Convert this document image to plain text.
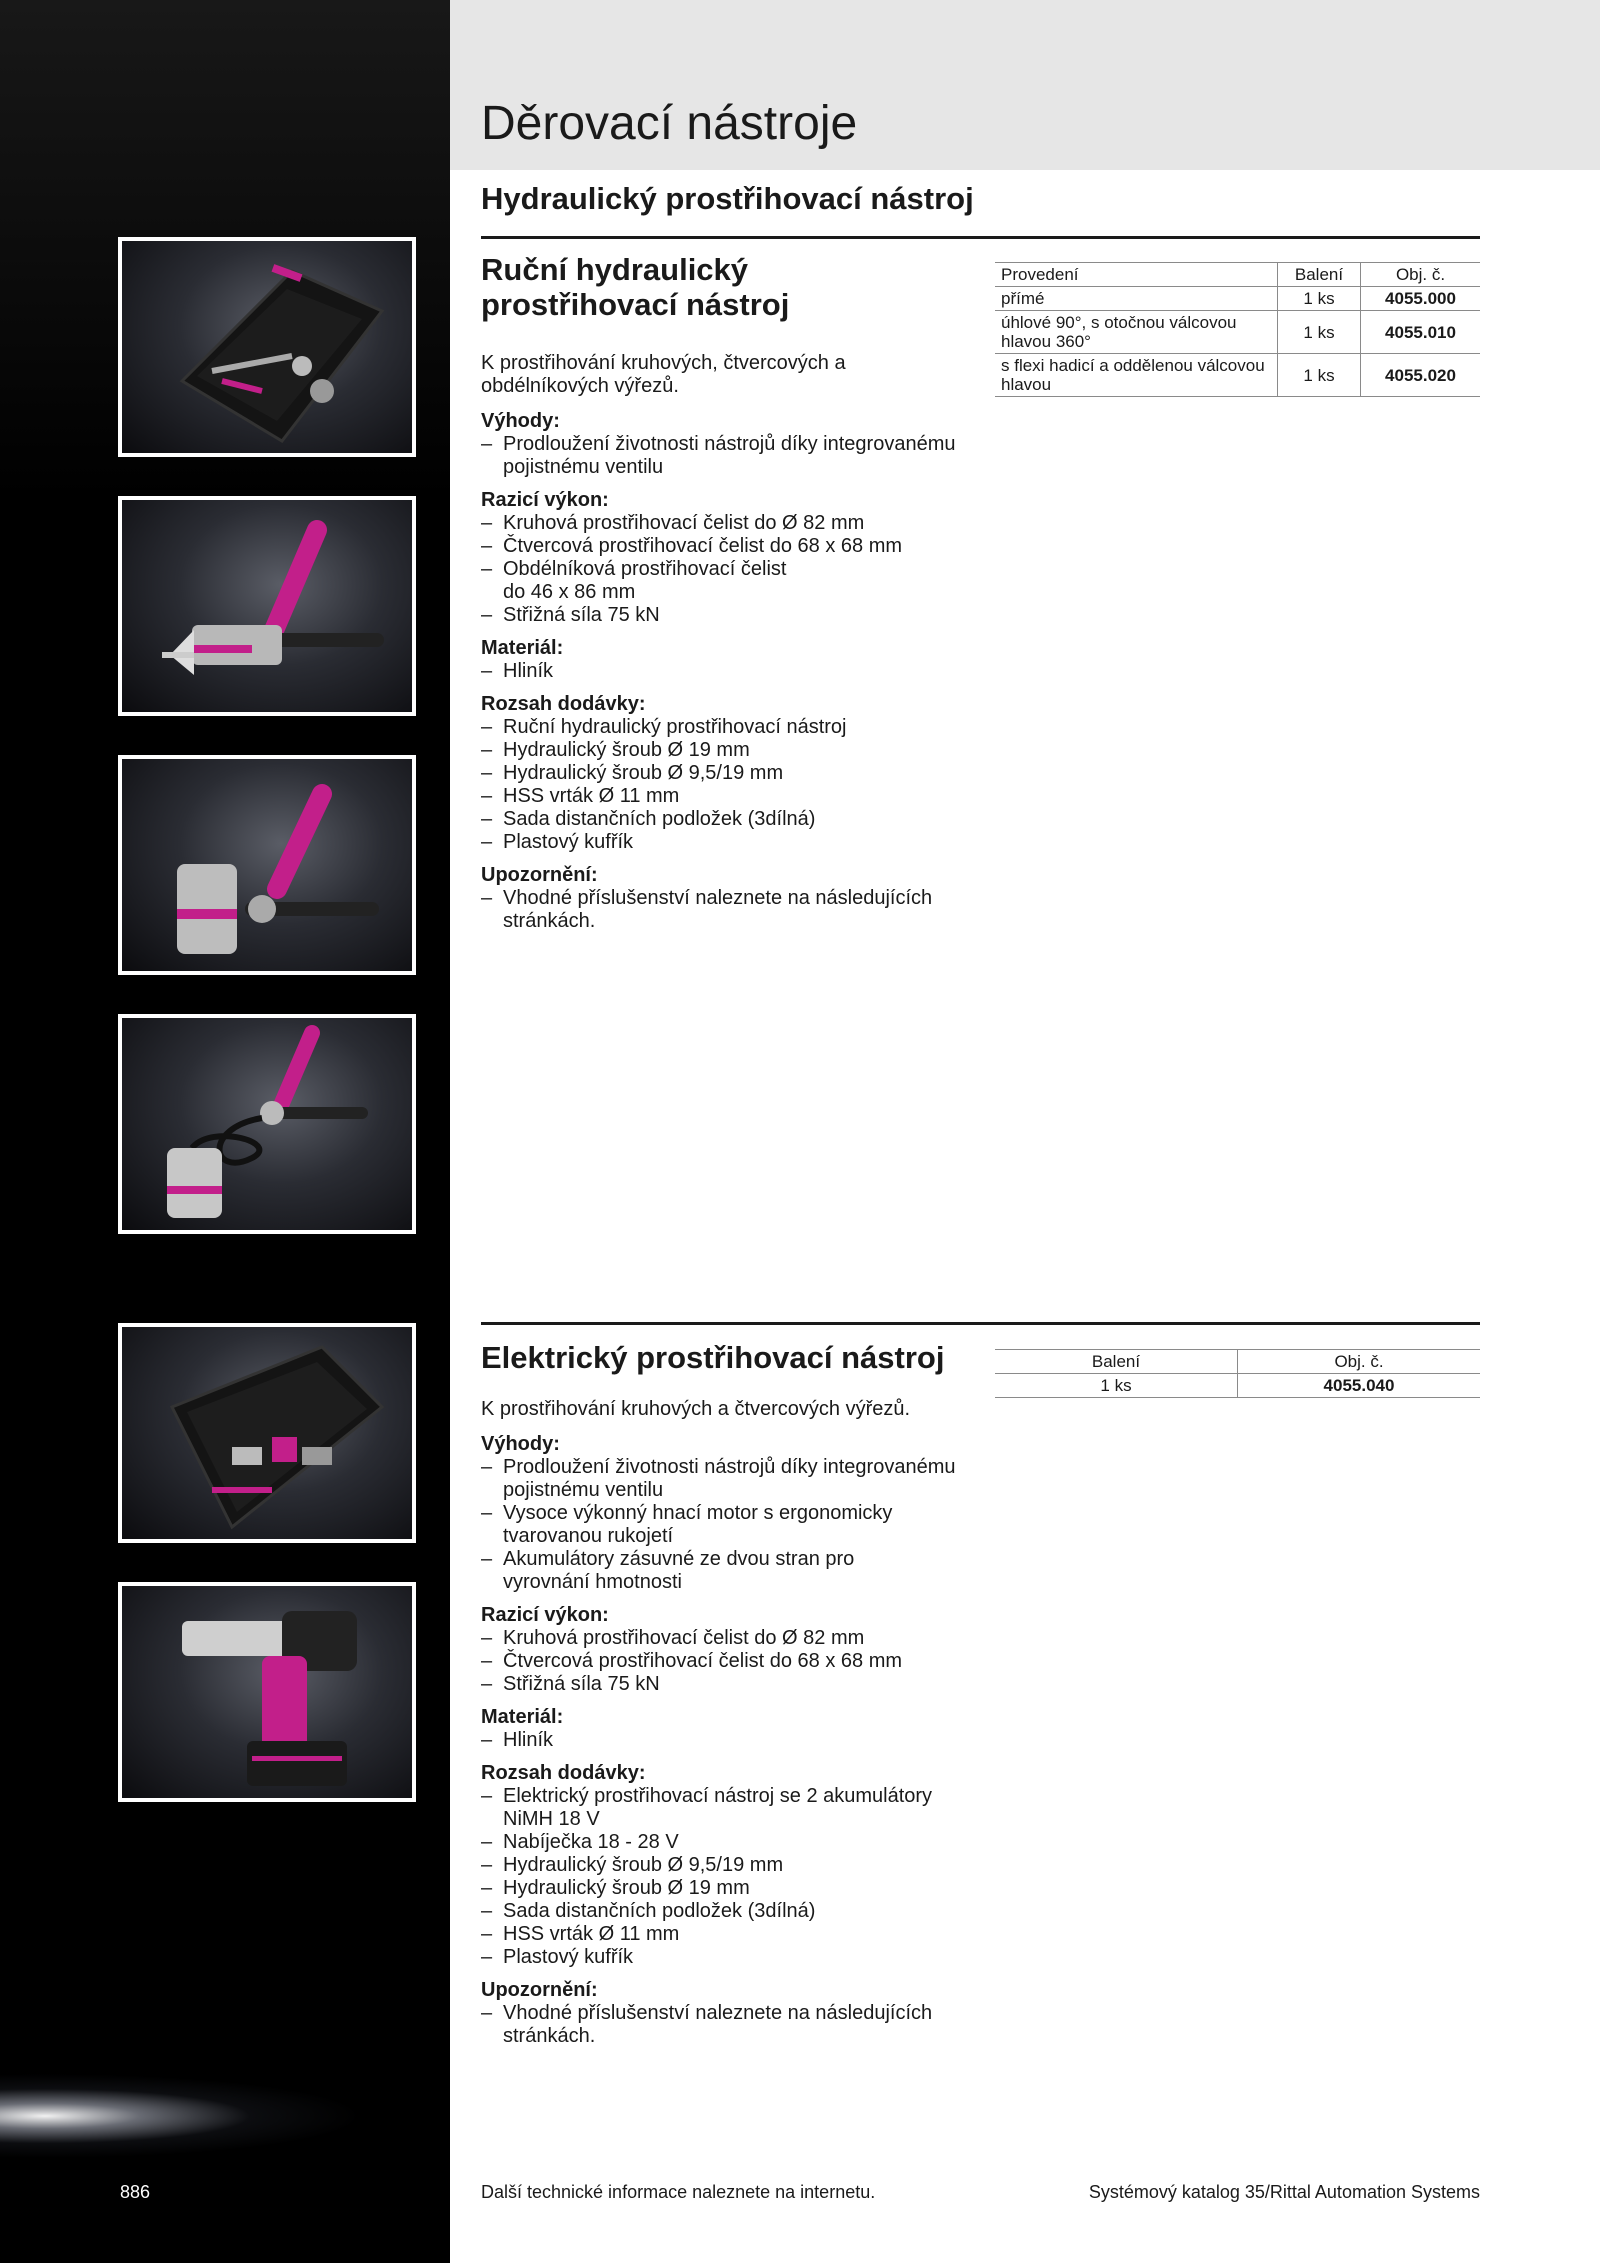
Děrovací nástroje
Hydraulický prostřihovací nástroj
Ruční hydraulický prostřihovací nástroj

K prostřihování kruhových, čtvercových a obdélníkových výřezů.

Výhody:
– Prodloužení životnosti nástrojů díky integrovanému pojistnému ventilu
Razicí výkon:
– Kruhová prostřihovací čelist do Ø 82 mm
– Čtvercová prostřihovací čelist do 68 x 68 mm
– Obdélníková prostřihovací čelist do 46 x 86 mm
– Střižná síla 75 kN
Materiál:
– Hliník
Rozsah dodávky:
– Ruční hydraulický prostřihovací nástroj
– Hydraulický šroub Ø 19 mm
– Hydraulický šroub Ø 9,5/19 mm
– HSS vrták Ø 11 mm
– Sada distančních podložek (3dílná)
– Plastový kufřík
Upozornění:
– Vhodné příslušenství naleznete na následujících stránkách.
Provedení	Balení	Obj. č.
přímé	1 ks	4055.000
úhlové 90°, s otočnou válcovou hlavou 360°	1 ks	4055.010
s flexi hadicí a oddělenou válcovou hlavou	1 ks	4055.020
Elektrický prostřihovací nástroj

K prostřihování kruhových a čtvercových výřezů.

Výhody:
– Prodloužení životnosti nástrojů díky integrovanému pojistnému ventilu
– Vysoce výkonný hnací motor s ergonomicky tvarovanou rukojetí
– Akumulátory zásuvné ze dvou stran pro vyrovnání hmotnosti
Razicí výkon:
– Kruhová prostřihovací čelist do Ø 82 mm
– Čtvercová prostřihovací čelist do 68 x 68 mm
– Střižná síla 75 kN
Materiál:
– Hliník
Rozsah dodávky:
– Elektrický prostřihovací nástroj se 2 akumulátory NiMH 18 V
– Nabíječka 18 - 28 V
– Hydraulický šroub Ø 9,5/19 mm
– Hydraulický šroub Ø 19 mm
– Sada distančních podložek (3dílná)
– HSS vrták Ø 11 mm
– Plastový kufřík
Upozornění:
– Vhodné příslušenství naleznete na následujících stránkách.
Balení	Obj. č.
1 ks	4055.040
886	Další technické informace naleznete na internetu.	Systémový katalog 35/Rittal Automation Systems
